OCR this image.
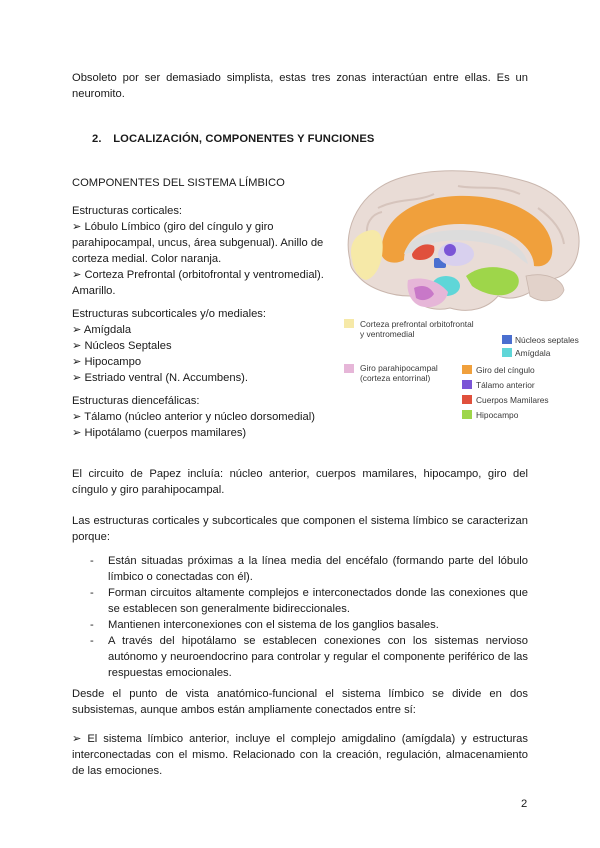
Obsoleto por ser demasiado simplista, estas tres zonas interactúan entre ellas. Es un neuromito.

2. LOCALIZACIÓN, COMPONENTES Y FUNCIONES
COMPONENTES DEL SISTEMA LÍMBICO
Estructuras corticales:
➢ Lóbulo Límbico (giro del cíngulo y giro
parahipocampal, uncus, área subgenual). Anillo de
corteza medial. Color naranja.
➢ Corteza Prefrontal (orbitofrontal y ventromedial).
Amarillo.
Estructuras subcorticales y/o mediales:
➢ Amígdala
➢ Núcleos Septales
➢ Hipocampo
➢ Estriado ventral (N. Accumbens).
Estructuras diencefálicas:
➢ Tálamo (núcleo anterior y núcleo dorsomedial)
➢ Hipotálamo (cuerpos mamilares)
Corteza prefrontal orbitofrontal
y ventromedial
Núcleos septales
Amígdala
Giro parahipocampal
(corteza entorrinal)
Giro del cíngulo
Tálamo anterior
Cuerpos Mamilares
Hipocampo

El circuito de Papez incluía: núcleo anterior, cuerpos mamilares, hipocampo, giro del cíngulo y giro parahipocampal.

Las estructuras corticales y subcorticales que componen el sistema límbico se caracterizan porque:

- Están situadas próximas a la línea media del encéfalo (formando parte del lóbulo límbico o conectadas con él).
- Forman circuitos altamente complejos e interconectados donde las conexiones que se establecen son generalmente bidireccionales.
- Mantienen interconexiones con el sistema de los ganglios basales.
- A través del hipotálamo se establecen conexiones con los sistemas nervioso autónomo y neuroendocrino para controlar y regular el componente periférico de las respuestas emocionales.

Desde el punto de vista anatómico-funcional el sistema límbico se divide en dos subsistemas, aunque ambos están ampliamente conectados entre sí:

➢ El sistema límbico anterior, incluye el complejo amigdalino (amígdala) y estructuras interconectadas con el mismo. Relacionado con la creación, regulación, almacenamiento de las emociones.

2
